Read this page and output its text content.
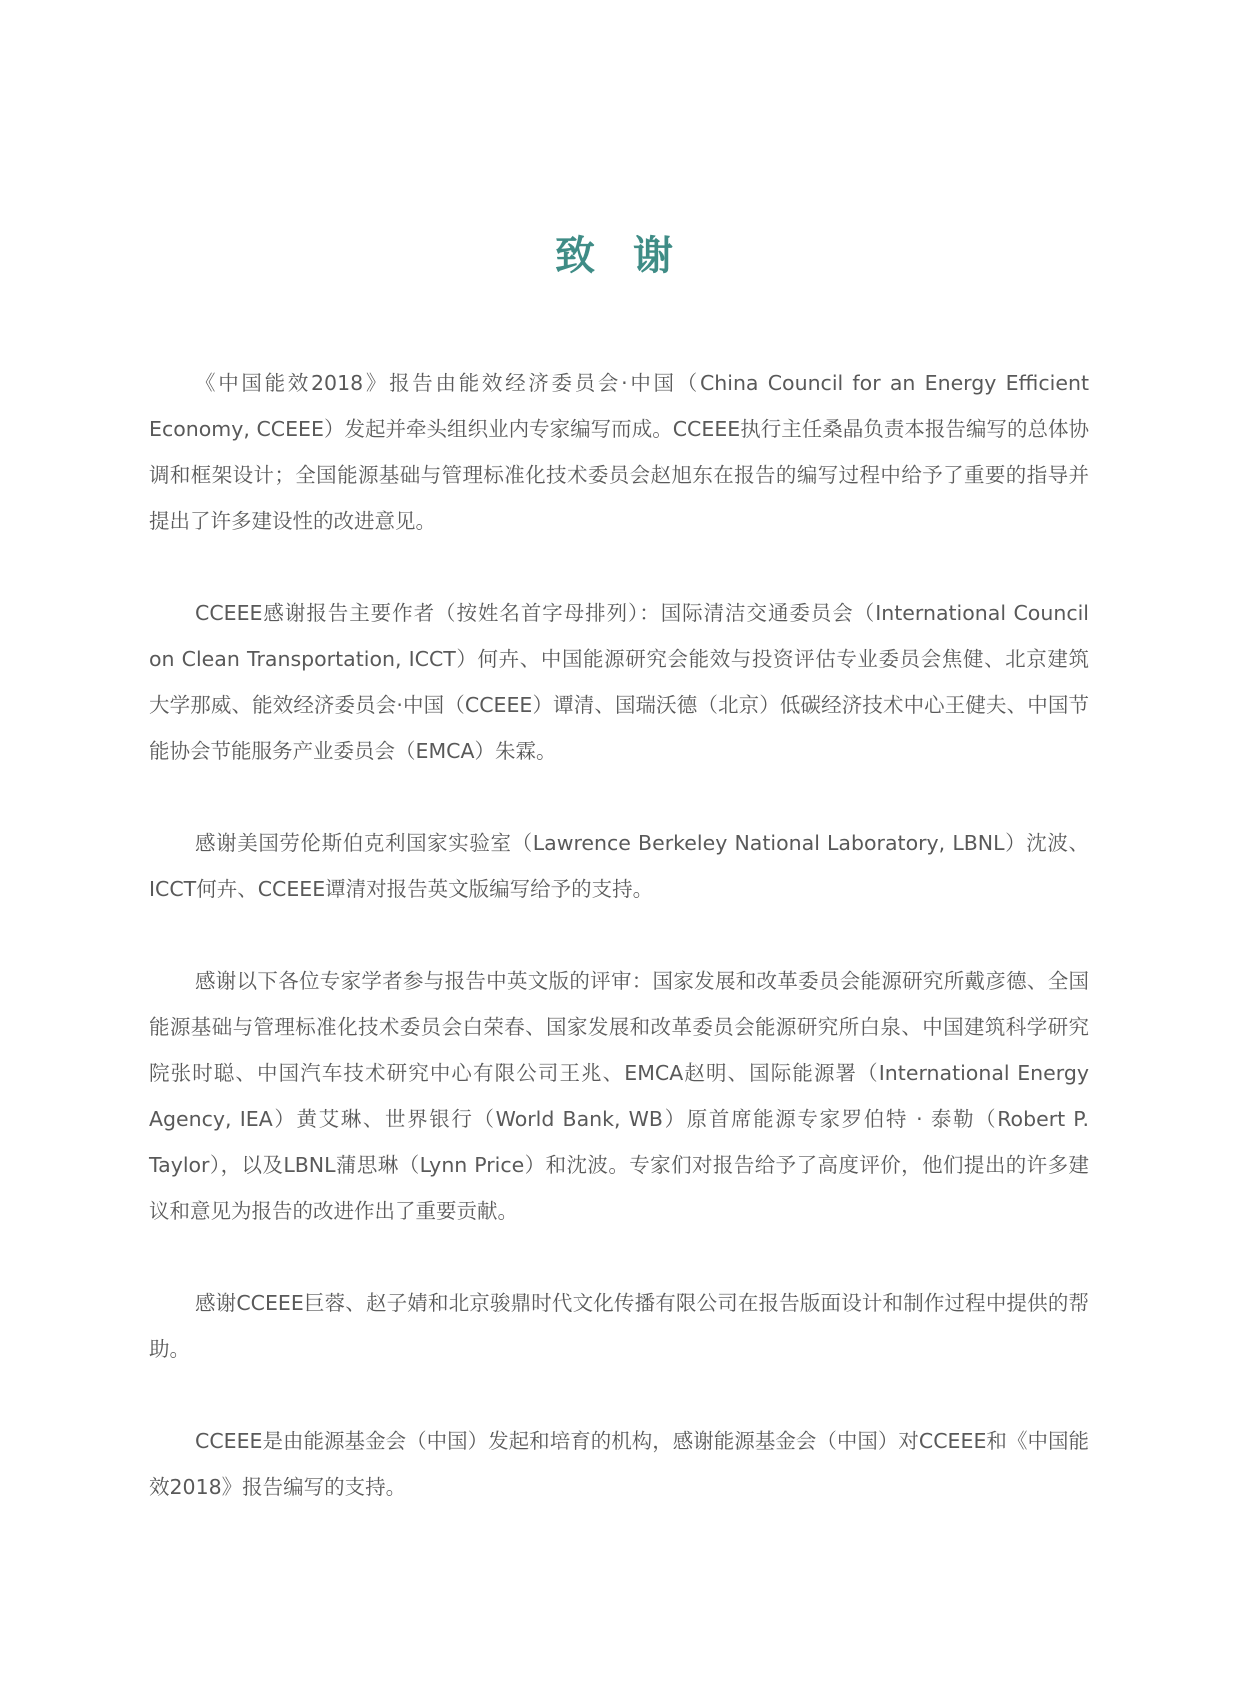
致 谢

《中国能效2018》报告由能效经济委员会·中国（China Council for an Energy Efficient Economy, CCEEE）发起并牵头组织业内专家编写而成。CCEEE执行主任桑晶负责本报告编写的总体协调和框架设计；全国能源基础与管理标准化技术委员会赵旭东在报告的编写过程中给予了重要的指导并提出了许多建设性的改进意见。

CCEEE感谢报告主要作者（按姓名首字母排列）：国际清洁交通委员会（International Council on Clean Transportation, ICCT）何卉、中国能源研究会能效与投资评估专业委员会焦健、北京建筑大学那威、能效经济委员会·中国（CCEEE）谭清、国瑞沃德（北京）低碳经济技术中心王健夫、中国节能协会节能服务产业委员会（EMCA）朱霖。

感谢美国劳伦斯伯克利国家实验室（Lawrence Berkeley National Laboratory, LBNL）沈波、ICCT何卉、CCEEE谭清对报告英文版编写给予的支持。

感谢以下各位专家学者参与报告中英文版的评审：国家发展和改革委员会能源研究所戴彦德、全国能源基础与管理标准化技术委员会白荣春、国家发展和改革委员会能源研究所白泉、中国建筑科学研究院张时聪、中国汽车技术研究中心有限公司王兆、EMCA赵明、国际能源署（International Energy Agency, IEA）黄艾琳、世界银行（World Bank, WB）原首席能源专家罗伯特 · 泰勒（Robert P. Taylor），以及LBNL蒲思琳（Lynn Price）和沈波。专家们对报告给予了高度评价，他们提出的许多建议和意见为报告的改进作出了重要贡献。

感谢CCEEE巨蓉、赵子婧和北京骏鼎时代文化传播有限公司在报告版面设计和制作过程中提供的帮助。

CCEEE是由能源基金会（中国）发起和培育的机构，感谢能源基金会（中国）对CCEEE和《中国能效2018》报告编写的支持。
